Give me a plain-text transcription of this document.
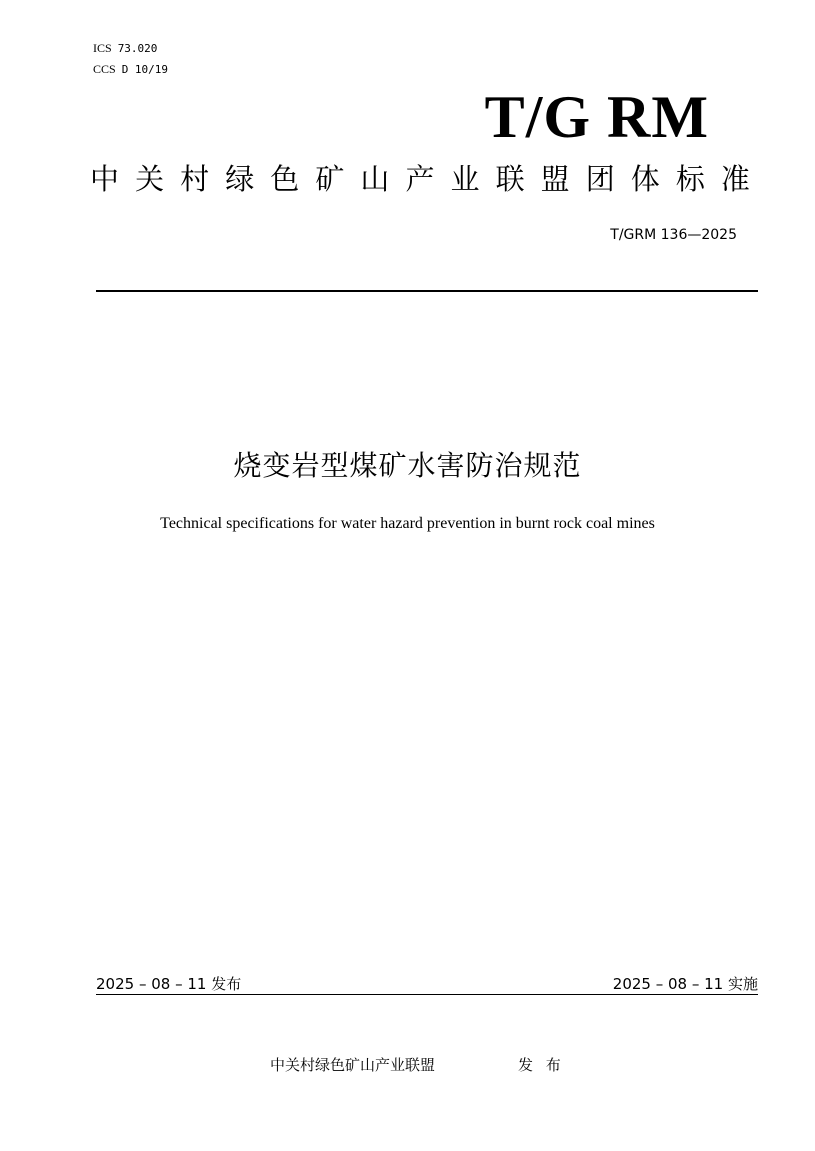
ICS 73.020
CCS D 10/19
T/G RM
中 关 村 绿 色 矿 山 产 业 联 盟 团 体 标 准
T/GRM 136—2025
烧变岩型煤矿水害防治规范
Technical specifications for water hazard prevention in burnt rock coal mines
2025 – 08 – 11 发布	2025 – 08 – 11 实施
中关村绿色矿山产业联盟	发 布
